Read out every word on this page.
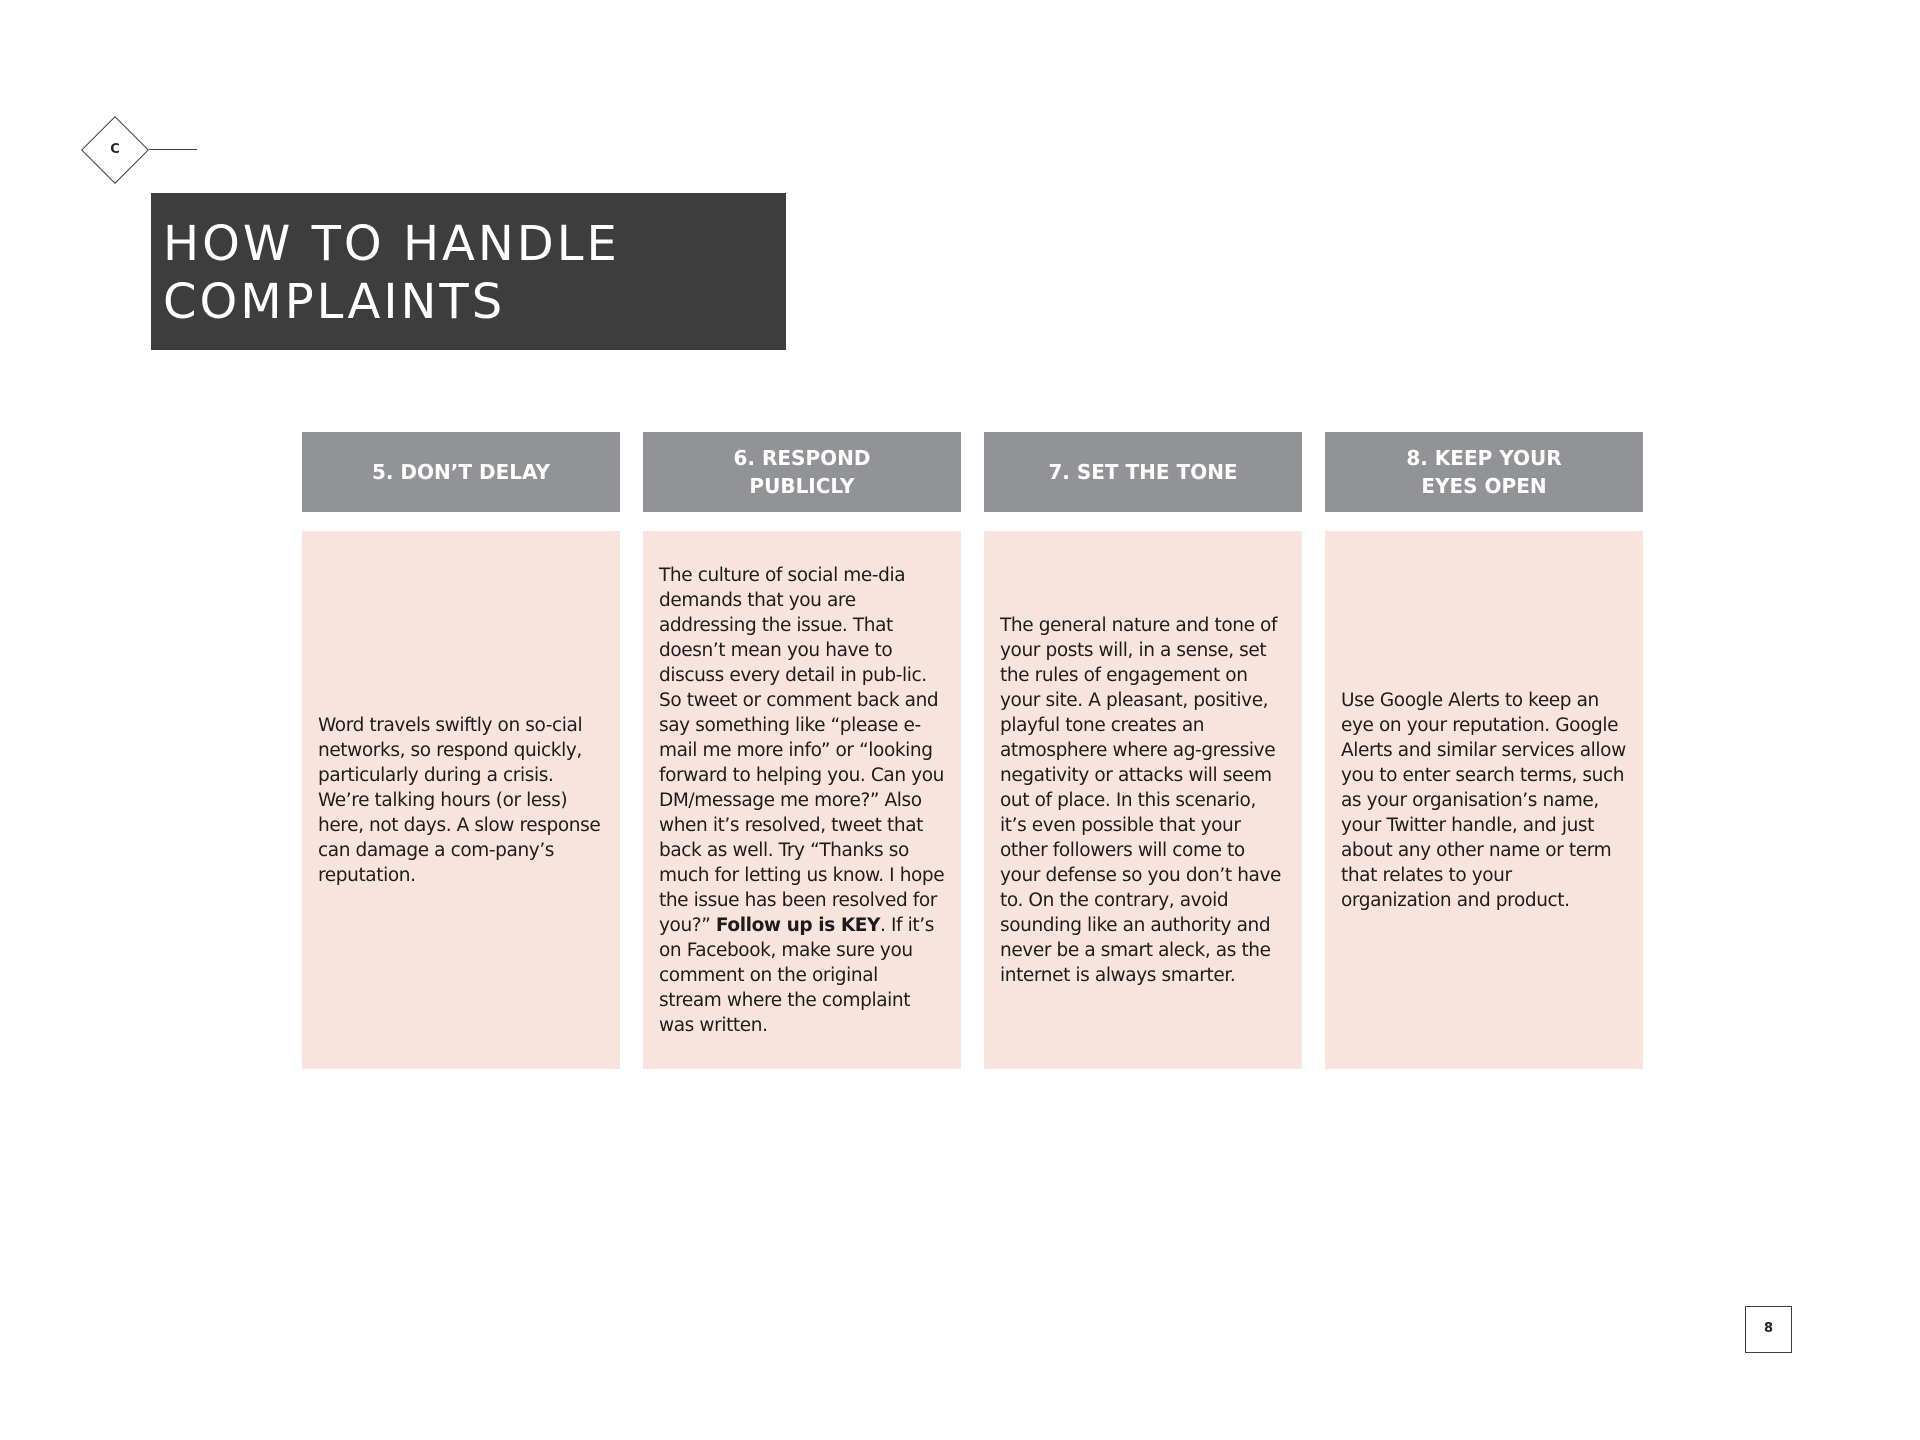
C
HOW TO HANDLE
COMPLAINTS
5. DON’T DELAY
Word travels swiftly on so-cial networks, so respond quickly, particularly during a crisis. We’re talking hours (or less) here, not days. A slow response can damage a com-pany’s reputation.
6. RESPOND
PUBLICLY
The culture of social me-dia demands that you are addressing the issue. That doesn’t mean you have to discuss every detail in pub-lic. So tweet or comment back and say something like “please e-mail me more info” or “looking forward to helping you. Can you DM/message me more?” Also when it’s resolved, tweet that back as well. Try “Thanks so much for letting us know. I hope the issue has been resolved for you?” Follow up is KEY. If it’s on Facebook, make sure you comment on the original stream where the complaint was written.
7. SET THE TONE
The general nature and tone of your posts will, in a sense, set the rules of engagement on your site. A pleasant, positive, playful tone creates an atmosphere where ag-gressive negativity or attacks will seem out of place. In this scenario, it’s even possible that your other followers will come to your defense so you don’t have to. On the contrary, avoid sounding like an authority and never be a smart aleck, as the internet is always smarter.
8. KEEP YOUR
EYES OPEN
Use Google Alerts to keep an eye on your reputation. Google Alerts and similar services allow you to enter search terms, such as your organisation’s name, your Twitter handle, and just about any other name or term that relates to your organization and product.
8
